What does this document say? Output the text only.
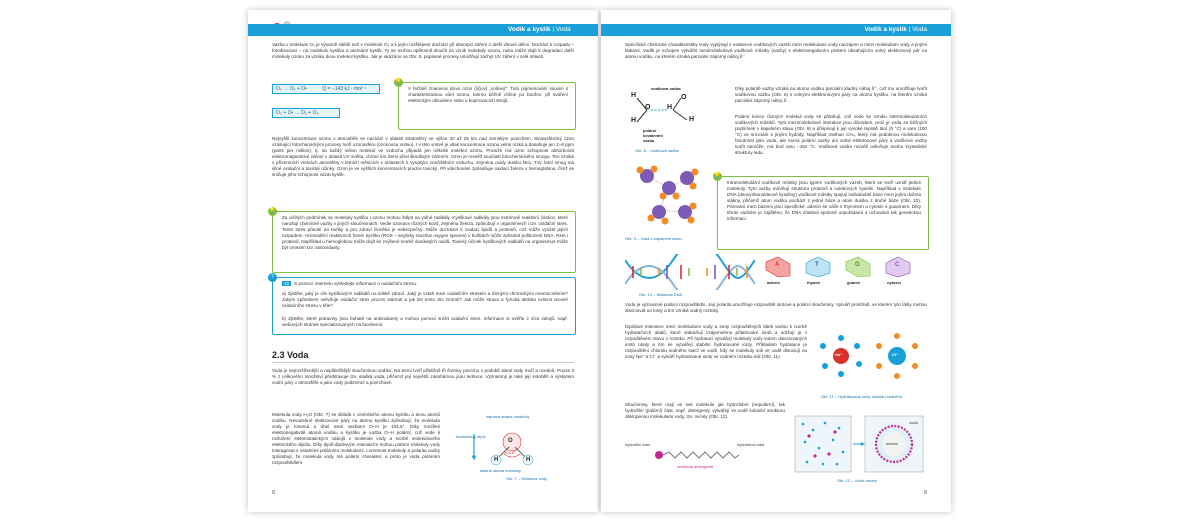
Vazba v molekule O₃ je výrazně slabší než v molekule O₂ a k jejím rozštěpení dochází při absorpci záření o delší vlnové délce. Dochází k rozpadu – fotodisociaci – na molekulu kyslíku a atomární kyslík. Ty se mohou opětovně sloučit na vznik molekuly ozonu, nebo může dojít k degradaci další molekuly ozonu za vzniku dvou molekul kyslíku. Jak je ukázáno na Obr. 5, popsané procesy umožňují záchyt UV záření v celé oblasti.
O₃ → O₂ + O•	Q = −143 kJ · mol⁻¹
O₃ + O• → O₂ + O₂
💡
V řečtině znamená slovo ozon (ὄζων) „voňavý". Tuto pojmenování souvisí s charakteristickou vůní ozonu, kterou běžně cítíme po bouřce, při sváření elektrickým obloukem nebo u kopírovacích strojů.
Nejvyšší koncentrace ozonu v atmosféře se nachází v oblasti stratosféry ve výšce 20 až 25 km nad zemským povrchem. Stratosférický ozon vznikající fotochemickými procesy tvoří ozonosféru (ozonovou vrstvu). I v této vrstvě je však koncentrace ozonu velmi nízká a dosahuje jen 2–8 ppm (parts per million), tj. na každý milion molekul ve vzduchu připadá jen několik molekul ozonu. Protože má ozon schopnost absorbovat elektromagnetické záření v oblasti UV světla, chrání tím Zemi před škodlivým zářením. Ozon je rovněž součástí fotochemického smogu. Ten vzniká v přízemních vrstvách atmosféry v letních měsících v oblastech s vysokým znečištěním vzduchu, zejména oxidy dusíku NOₓ. Tzv. letní smog má silné oxidační a toxické účinky. Ozon je ve vyšších koncentracích prudce toxický. Při vdechování způsobuje oxidaci železa v hemoglobinu, čímž se snižuje jeho schopnost vázat kyslík.
💡
Za určitých podmínek se molekuly kyslíku i ozonu mohou štěpit na volné radikály. Kyslíkové radikály jsou extrémně reaktivní částice, které narušují chemické vazby v jiných sloučeninách. Vedle ozonace různých kovů, zejména železa, způsobují v organismech i tzv. oxidační stres. Tento stres působí na buňky a pro zdraví člověka je nebezpečný. Může docházet k oxidaci lipidů a proteinů, což může vyústit jejich rozpadem. Hromadění reaktivních forem kyslíku (ROS – anglicky reactive oxygen species) v buňkách může způsobit poškození DNA, RNA i proteinů. Například u hemoglobinu může dojít ke zvýšené tvorbě dusíkatých oxidů. Toxický účinek kyslíkových radikálů na organismus může být omezen tzv. antioxidanty.
?
10 S pomocí internetu vyhledejte informace o oxidačním stresu.
a) Zjistěte, jaký je vliv kyslíkových radikálů na lidské zdraví. Jaký je vztah mezi oxidačním stresem a různými chronickými onemocněními? Jakým způsobem ovlivňuje oxidační stres proces stárnutí a jak lze tento vliv zmírnit? Jak může strava a fyzická aktivita ovlivnit úroveň oxidačního stresu v těle?
b) Zjistěte, které potraviny jsou bohaté na antioxidanty a mohou pomoci snížit oxidační stres. Informace si ověřte z více zdrojů, např. webových stránek specializovaných na biochemii.
2.3 Voda
Voda je nejrozšířenější a nejdůležitější sloučeninou vodíku. Na Zemi tvoří přibližně tři čtvrtiny povrchu v podobě slané vody moří a oceánů. Pouze 3 % z celkového množství představuje tzv. sladká voda, přičemž její největší zásobárnou jsou ledovce. Významný je také její koloběh a výskytem vodní páry v atmosféře a jako vody podzemní a povrchové.
Molekula vody H₂O (Obr. 7) se skládá z centrálního atomu kyslíku a dvou atomů vodíku. Nevazebné elektronové páry na atomu kyslíku způsobují, že molekula vody je lomená a úhel mezi vazbami O–H je 104,5°. Díky rozdílné elektronegativitě atomů vodíku a kyslíku je vazba O–H polární, což vede k rozložení elektrostatických nábojů v molekule vody a tvorbě molekulového elektrického dipólu. Díky dipól-dipólovým interakcím mohou polární molekuly vody interagovat s ostatními polárními molekulami. Lomenost molekuly a polarita vazby způsobují, že molekula vody má polární charakter, a proto je voda polárním rozpouštědlem.
zápomá strana molekuly
molekulový dipól
O
H	H
104,5°
kladná strana molekuly
Obr. 7 – Molekula vody
8
Vodík a kyslík | Voda
Specifické chemické charakteristiky vody vyplývají z existence vodíkových vazeb mezi molekulami vody navzájem a mezi molekulami vody a jinými látkami. Vodík je schopen vytvářet mezimolekulové vodíkové můstky (vazby) s elektronegativním prvkem obsahujícím volný elektronový pár na atomu vodíku, na kterém vzniká parciální záporný náboj δ⁻.
vodíková vazba
H
O
H
H
O
H
polární kovalentní vazba
Obr. 8 – Vodíková vazba
Díky polaritě vazby vzniká na atomu vodíku parciální kladný náboj δ⁺, což mu umožňuje tvořit vodíkovou vazbu (Obr. 8) s volnými elektronovými páry na atomu kyslíku, na kterém vzniká parciální záporný náboj δ⁻.
Polární konce různých molekul vody se přitahují, což vede ke vzniku intermolekulárních vodíkových můstků. Tyto mezimolekulové interakce jsou důvodem, proč je voda za běžných podmínek v kapalném stavu (Obr. 9) a přispívají k její vysoké teplotě tání (0 °C) a varu (100 °C) ve srovnání s jinými hydridy. Například methan CH₄, který má podobnou molekulovou hmotnost jako voda, ale nemá polární vazby ani volné elektronové páry a vodíkové vazby tvořit nemůže, má bod varu −162 °C. Vodíková vazba rovněž ovlivňuje tvorbu krystalické struktury ledu.
Obr. 9 – Voda v kapalném stavu
💡
Intramolekulární vodíkové můstky jsou typem vodíkových vazeb, které se tvoří uvnitř jediné molekuly. Tyto vazby ovlivňují strukturu proteinů a nukleových kyselin. Například v molekule DNA (deoxyribonukleové kyseliny) vodíkové můstky spojují individuální báze mezi jejími dvěma vlákny, přičemž atom vodíku pochází z jedné báze a atom dusíku z druhé báze (Obr. 10). Párování mezi bázemi jsou specifické: adenin se váže s thyminem a cytosin s guaninem. Díky těmto vazbám je zajištěno, že DNA zůstává správně uspořádaná a uchovává tak genetickou informaci.
Obr. 10 – Molekula DNA
A
adenin
T
thymin
G
guanin
C
cytosin
Voda je významné polární rozpouštědlo. Její polarita umožňuje rozpouštět iontové a polární sloučeniny. Vytváří prostředí, ve kterém tyto látky mohou disociovat na ionty a tím vzniká vodný roztoky.
Dipólové interakce mezi molekulami vody a ionty rozpouštěných látek vedou k tvorbě hydratačních obalů, které zabraňují vzájemnému přitahování iontů a udržují je v rozpuštěném stavu v roztoku. Při hydrataci vytvářejí molekuly vody kolem disociovaných iontů obaly a tím se vytvářejí stabilní hydratované ionty. Příkladem hydratace je rozpouštění chloridu sodného NaCl ve vodě, kdy se molekuly soli ve vodě disociují na ionty Na⁺ a Cl⁻ a vytváří hydratované ionty ve vodném roztoku soli (Obr. 11).	Na⁺	Cl⁻
Obr. 11 – Hydratované ionty chloridu sodného
Sloučeniny, které mají ve své molekule jak hydrofobní (nepolární), tak hydrofilní (polární) část, např. detergenty, vytvářejí ve vodě koloidní strukturu obklopenou molekulami vody, tzv. micely (Obr. 12).
hydrofilní část	hydrofobní část
molekula detergentu
voda
micela
Obr. 12 – Vznik micely
9
Vodík a kyslík | Voda
